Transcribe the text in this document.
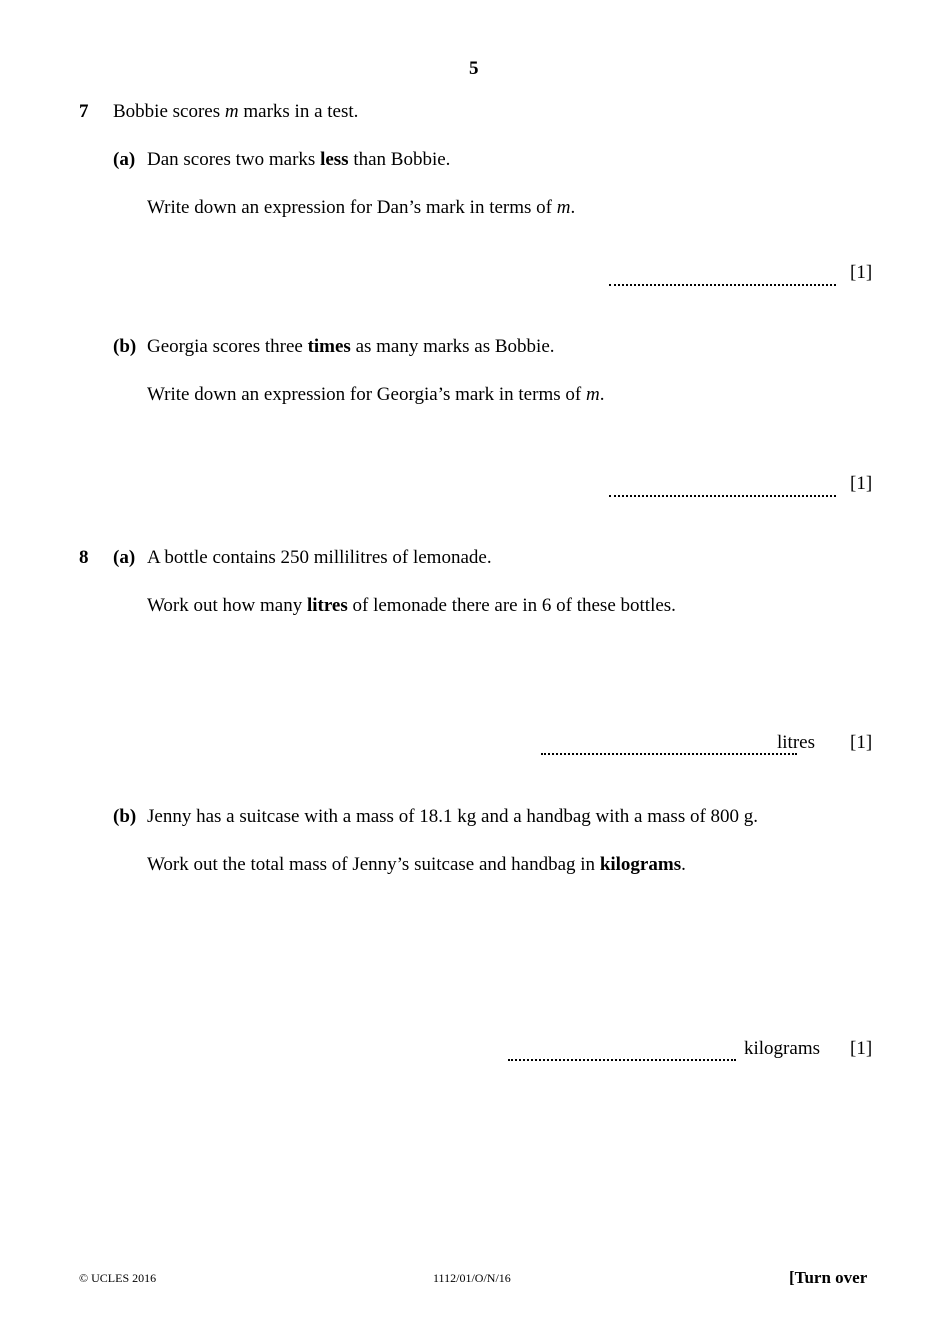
5
7 Bobbie scores m marks in a test.
(a) Dan scores two marks less than Bobbie.
Write down an expression for Dan’s mark in terms of m.
[1]
(b) Georgia scores three times as many marks as Bobbie.
Write down an expression for Georgia’s mark in terms of m.
[1]
8 (a) A bottle contains 250 millilitres of lemonade.
Work out how many litres of lemonade there are in 6 of these bottles.
litres [1]
(b) Jenny has a suitcase with a mass of 18.1 kg and a handbag with a mass of 800 g.
Work out the total mass of Jenny’s suitcase and handbag in kilograms.
kilograms [1]
© UCLES 2016	1112/01/O/N/16	[Turn over
